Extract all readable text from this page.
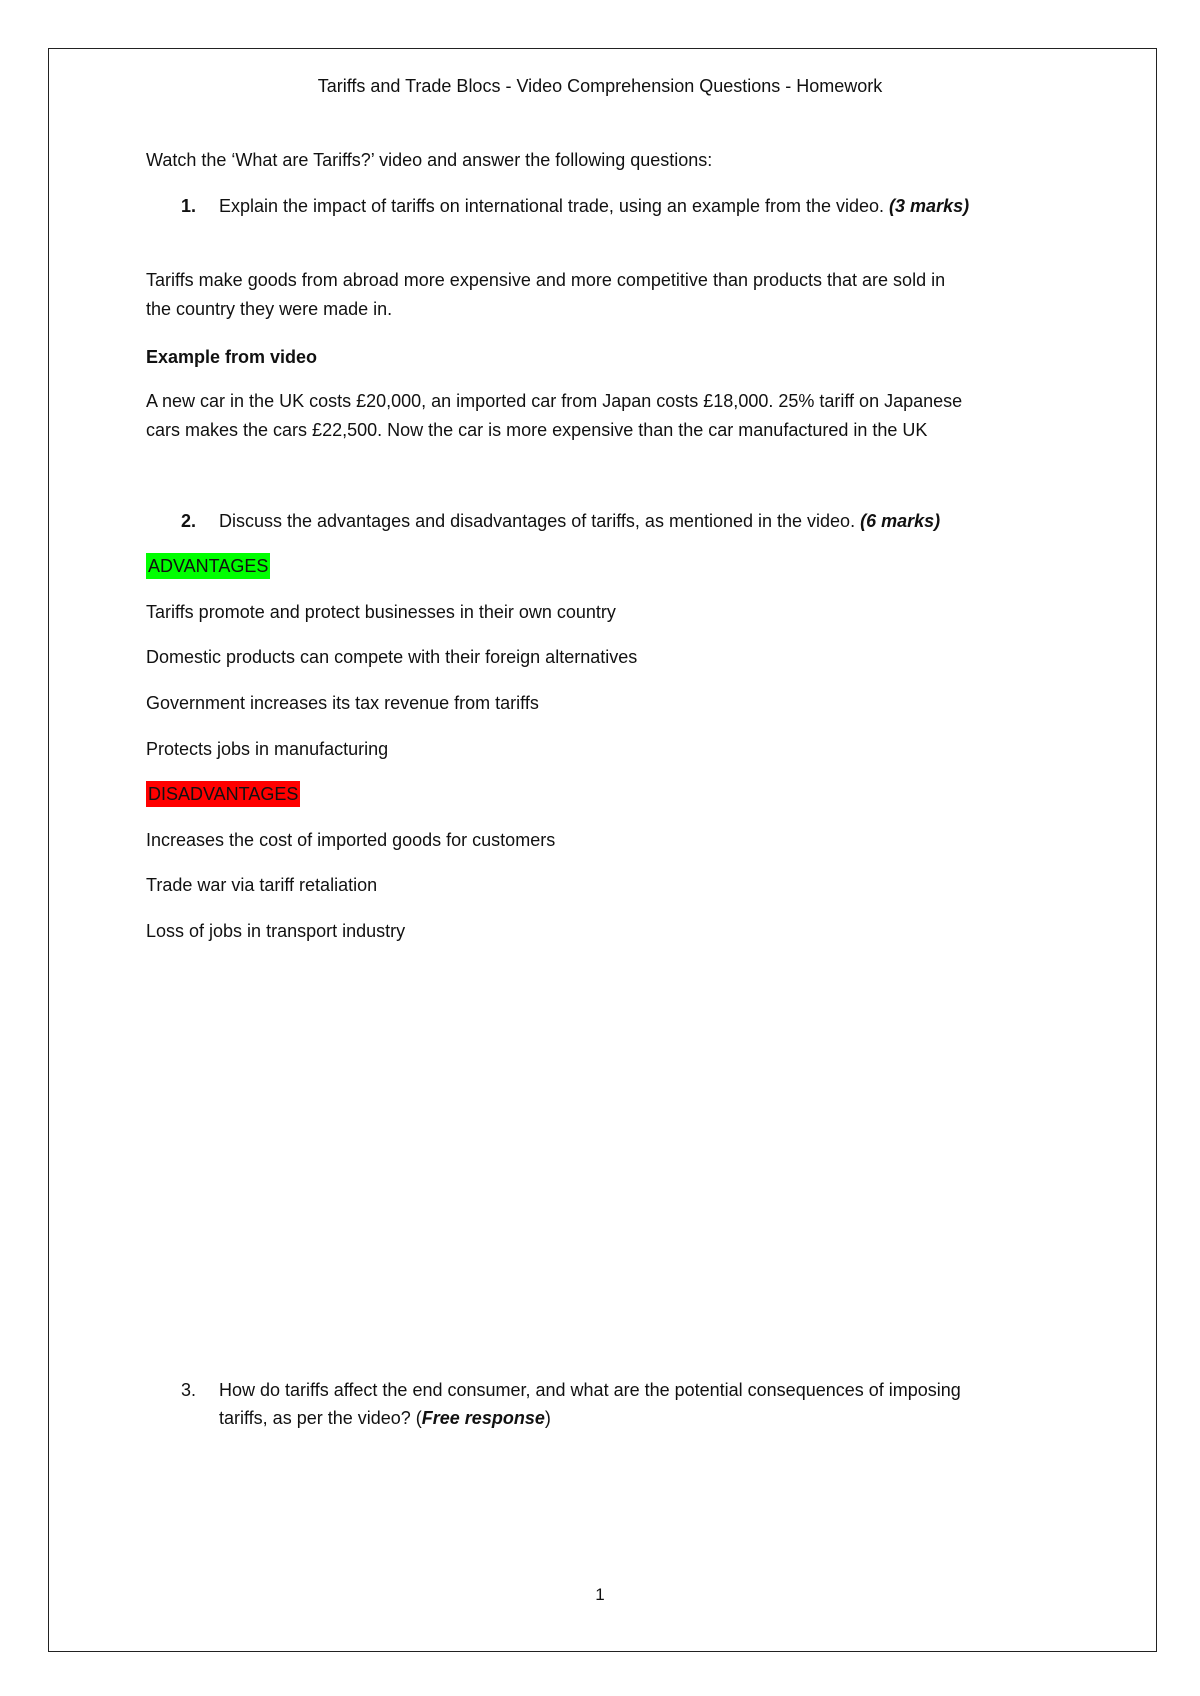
Tariffs and Trade Blocs - Video Comprehension Questions - Homework
Watch the ‘What are Tariffs?’ video and answer the following questions:
1. Explain the impact of tariffs on international trade, using an example from the video. (3 marks)
Tariffs make goods from abroad more expensive and more competitive than products that are sold in
the country they were made in.
Example from video
A new car in the UK costs £20,000, an imported car from Japan costs £18,000. 25% tariff on Japanese
cars makes the cars £22,500. Now the car is more expensive than the car manufactured in the UK
2. Discuss the advantages and disadvantages of tariffs, as mentioned in the video. (6 marks)
ADVANTAGES
Tariffs promote and protect businesses in their own country
Domestic products can compete with their foreign alternatives
Government increases its tax revenue from tariffs
Protects jobs in manufacturing
DISADVANTAGES
Increases the cost of imported goods for customers
Trade war via tariff retaliation
Loss of jobs in transport industry
3. How do tariffs affect the end consumer, and what are the potential consequences of imposing tariffs, as per the video? (Free response)
1
